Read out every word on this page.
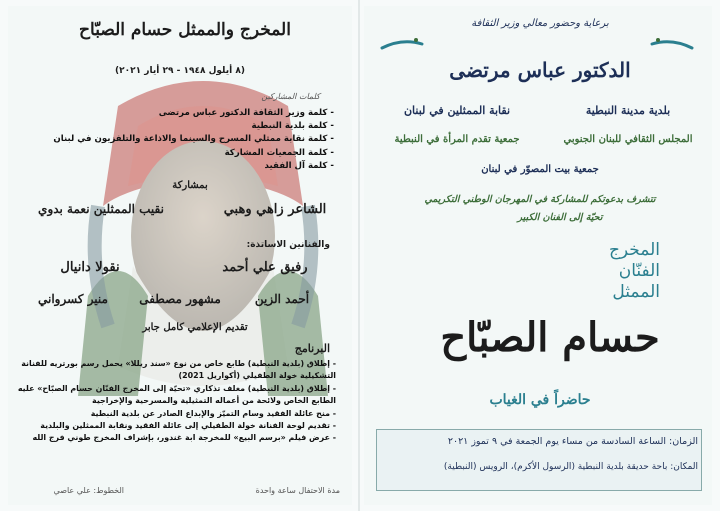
المخرج والممثل حسام الصبّاح
(٨ أيلول ١٩٤٨ - ٢٩ أيار ٢٠٢١)
كلمات المشاركين
- كلمة وزير الثقافة الدكتور عباس مرتضى
- كلمة بلدية النبطية
- كلمة نقابة ممثلي المسرح والسينما والاذاعة والتلفزيون في لبنان
- كلمة الجمعيات المشاركة
- كلمة آل الفقيد
بمشاركة
الشاعر زاهي وهبي
نقيب الممثلين نعمة بدوي
والفنانين الاساتذة:
رفيق علي أحمد
نقولا دانيال
أحمد الزين
مشهور مصطفى
منير كسرواني
تقديم الإعلامي كامل جابر
البرنامج
- إطلاق (بلدية النبطية) طابع خاص من نوع «سند ريللا» يحمل رسم بورتريه للفنانة التشكيلية خولة الطفيلي (أكواريل 2021)
- إطلاق (بلدية النبطية) مغلف تذكاري «تحيّة إلى المخرج الفنّان حسام الصبّاح» عليه الطابع الخاص ولائحة من أعماله التمثيلية والمسرحية والإخراجية
- منح عائلة الفقيد وسام التميّز والإبداع الصادر عن بلدية النبطية
- تقديم لوحة الفنانة خولة الطفيلي إلى عائلة الفقيد ونقابة الممثلين والبلدية
- عرض فيلم «برسم البيع» للمخرجة ابة غندور، بإشراف المخرج طوني فرج الله
مدة الاحتفال ساعة واحدة
الخطوط: علي عاصي
برعاية وحضور معالي وزير الثقافة
الدكتور عباس مرتضى
بلدية مدينة النبطية
نقابة الممثلين في لبنان
المجلس الثقافي للبنان الجنوبي
جمعية تقدم المرأة في النبطية
جمعية بيت المصوّر في لبنان
تتشرف بدعوتكم للمشاركة في المهرجان الوطني التكريمي
تحيّة إلى الفنان الكبير
المخرج
الفنّان
الممثل
حسام الصبّاح
حاضراً في الغياب
الزمان: الساعة السادسة من مساء يوم الجمعة في ٩ تموز ٢٠٢١
المكان: باحة حديقة بلدية النبطية (الرسول الأكرم)، الرويس (النبطية)
